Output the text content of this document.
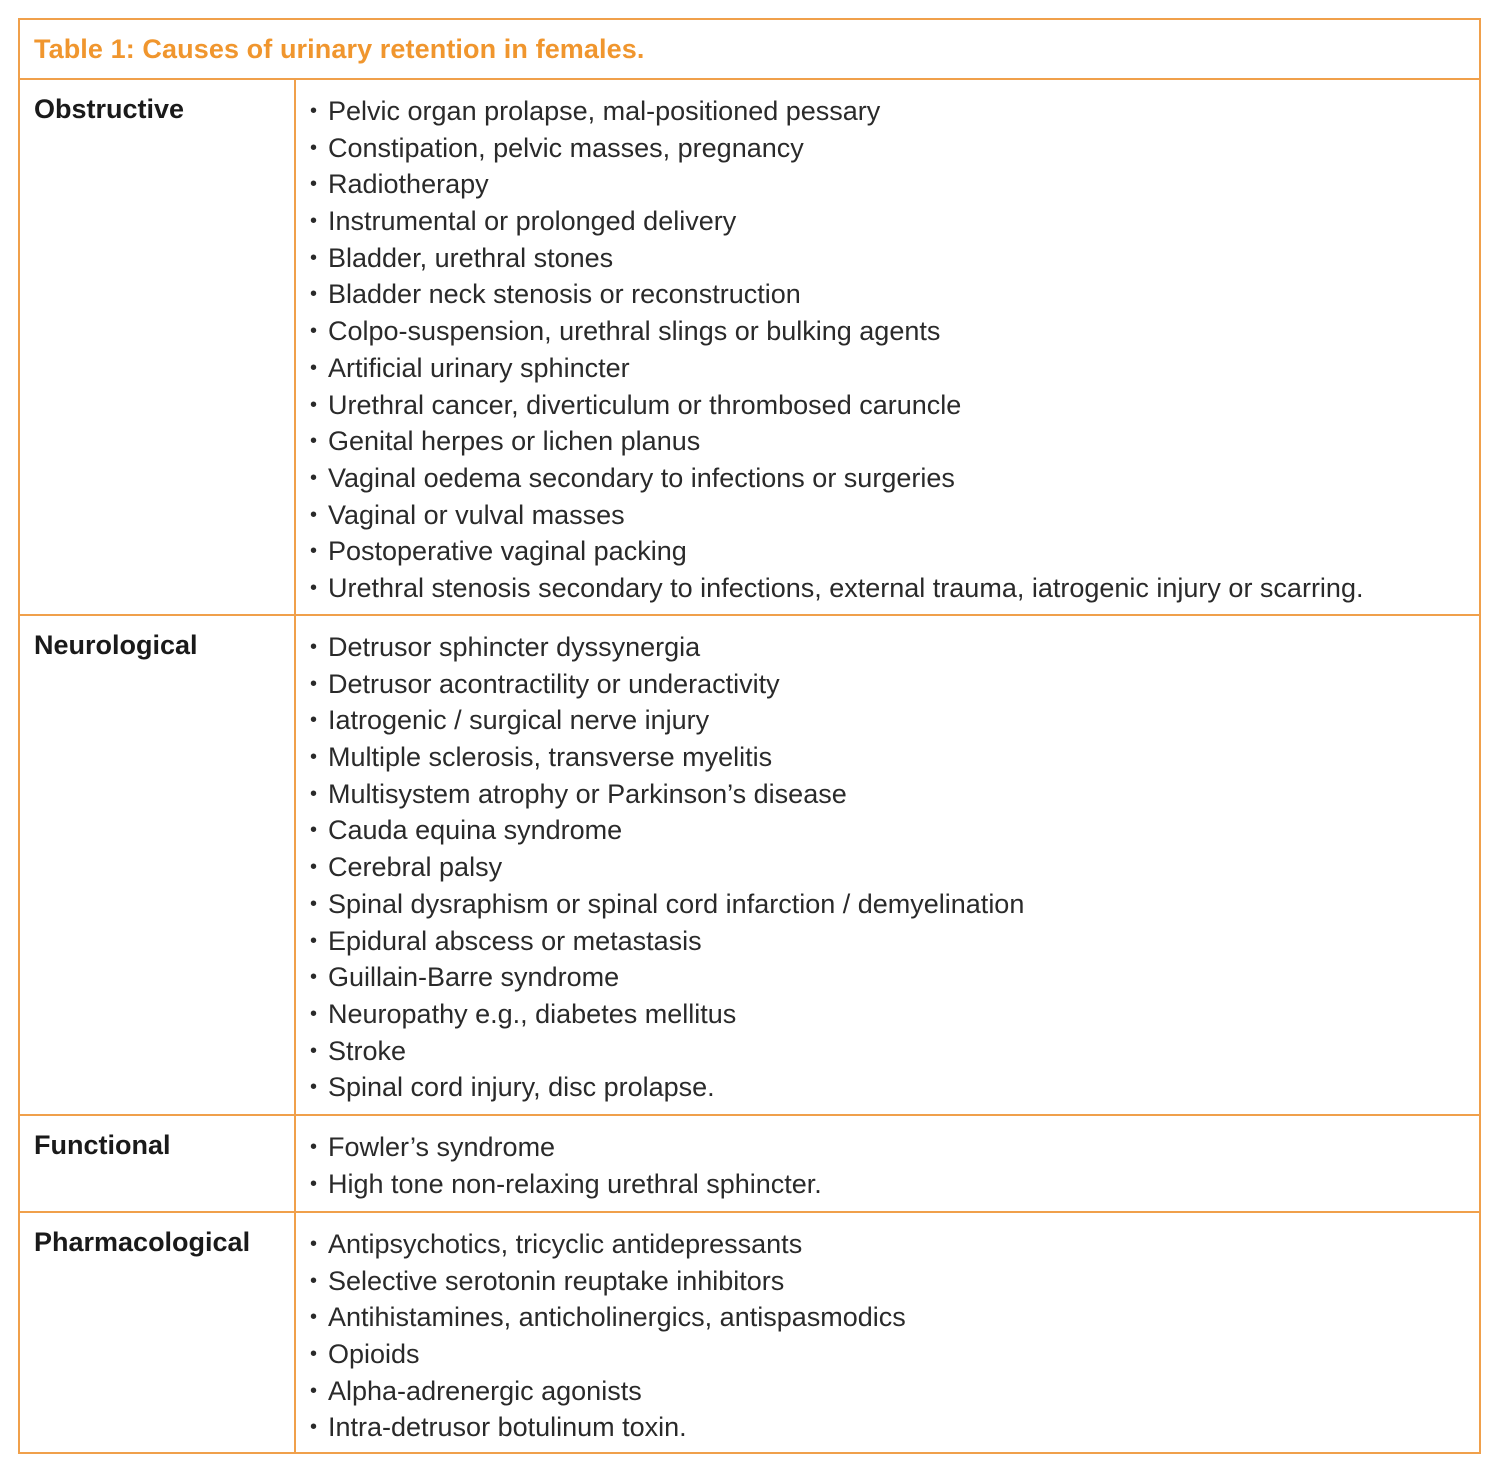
Table 1: Causes of urinary retention in females.
Obstructive	• Pelvic organ prolapse, mal-positioned pessary
• Constipation, pelvic masses, pregnancy
• Radiotherapy
• Instrumental or prolonged delivery
• Bladder, urethral stones
• Bladder neck stenosis or reconstruction
• Colpo-suspension, urethral slings or bulking agents
• Artificial urinary sphincter
• Urethral cancer, diverticulum or thrombosed caruncle
• Genital herpes or lichen planus
• Vaginal oedema secondary to infections or surgeries
• Vaginal or vulval masses
• Postoperative vaginal packing
• Urethral stenosis secondary to infections, external trauma, iatrogenic injury or scarring.
Neurological	• Detrusor sphincter dyssynergia
• Detrusor acontractility or underactivity
• Iatrogenic / surgical nerve injury
• Multiple sclerosis, transverse myelitis
• Multisystem atrophy or Parkinson’s disease
• Cauda equina syndrome
• Cerebral palsy
• Spinal dysraphism or spinal cord infarction / demyelination
• Epidural abscess or metastasis
• Guillain-Barre syndrome
• Neuropathy e.g., diabetes mellitus
• Stroke
• Spinal cord injury, disc prolapse.
Functional	• Fowler’s syndrome
• High tone non-relaxing urethral sphincter.
Pharmacological	• Antipsychotics, tricyclic antidepressants
• Selective serotonin reuptake inhibitors
• Antihistamines, anticholinergics, antispasmodics
• Opioids
• Alpha-adrenergic agonists
• Intra-detrusor botulinum toxin.
